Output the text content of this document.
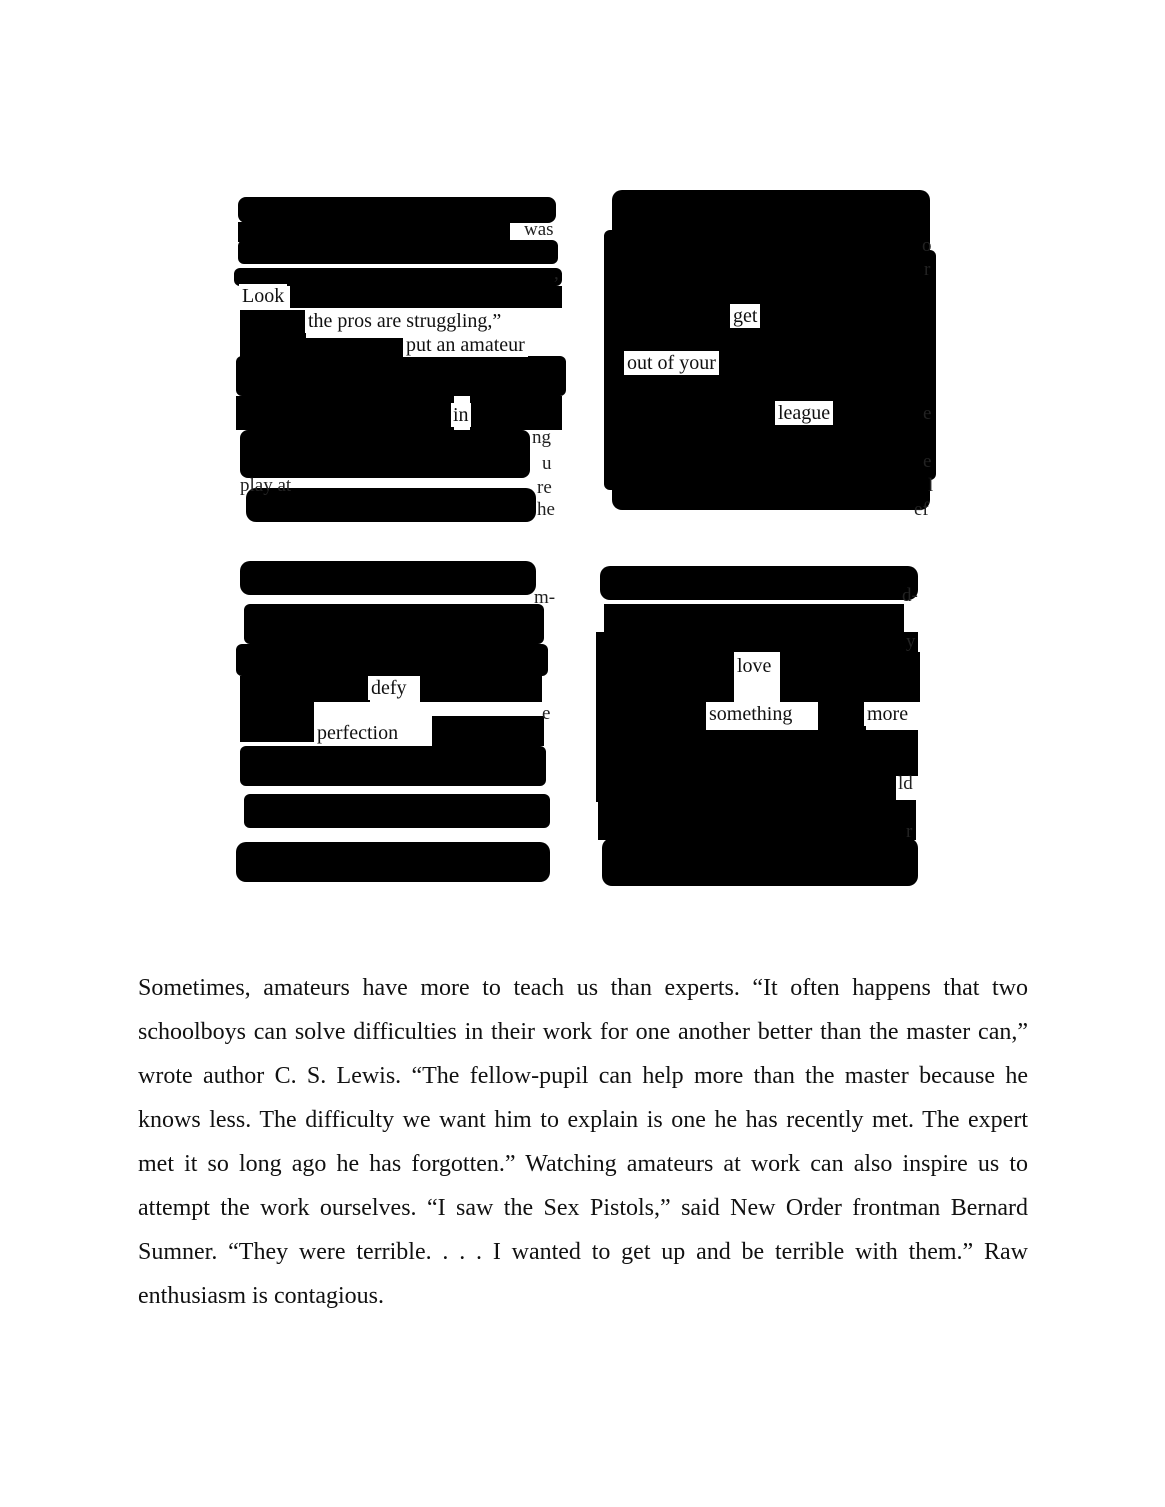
Look
the pros are struggling,”
put an amateur
in
was
,
ng
u
play at	re
he
get
out of your
league
o
r
e
e
l
ef
defy
perfection
m-
e
love
something	more
d-
y
ld
r

Sometimes, amateurs have more to teach us than experts. “It often happens that two schoolboys can solve difficulties in their work for one another better than the master can,” wrote author C. S. Lewis. “The fellow-pupil can help more than the master because he knows less. The difficulty we want him to explain is one he has recently met. The expert met it so long ago he has forgotten.” Watching amateurs at work can also inspire us to attempt the work ourselves. “I saw the Sex Pistols,” said New Order frontman Bernard Sumner. “They were terrible. . . . I wanted to get up and be terrible with them.” Raw enthusiasm is contagious.
